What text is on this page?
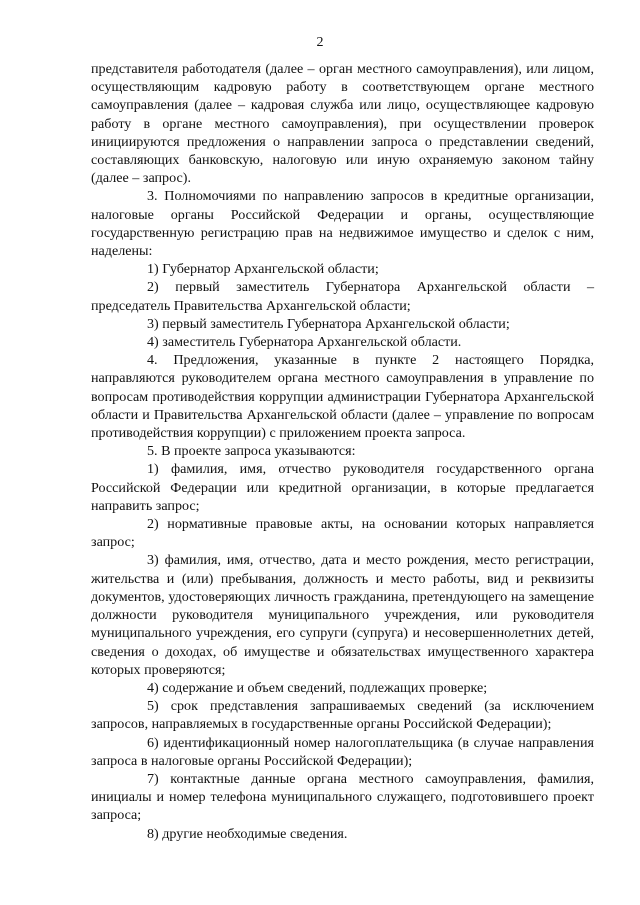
2

представителя работодателя (далее – орган местного самоуправления), или лицом, осуществляющим кадровую работу в соответствующем органе местного самоуправления (далее – кадровая служба или лицо, осуществляющее кадровую работу в органе местного самоуправления), при осуществлении проверок инициируются предложения о направлении запроса о представлении сведений, составляющих банковскую, налоговую или иную охраняемую законом тайну (далее – запрос).

3. Полномочиями по направлению запросов в кредитные организации, налоговые органы Российской Федерации и органы, осуществляющие государственную регистрацию прав на недвижимое имущество и сделок с ним, наделены:

1) Губернатор Архангельской области;

2) первый заместитель Губернатора Архангельской области – председатель Правительства Архангельской области;

3) первый заместитель Губернатора Архангельской области;

4) заместитель Губернатора Архангельской области.

4. Предложения, указанные в пункте 2 настоящего Порядка, направляются руководителем органа местного самоуправления в управление по вопросам противодействия коррупции администрации Губернатора Архангельской области и Правительства Архангельской области (далее – управление по вопросам противодействия коррупции) с приложением проекта запроса.

5. В проекте запроса указываются:

1) фамилия, имя, отчество руководителя государственного органа Российской Федерации или кредитной организации, в которые предлагается направить запрос;

2) нормативные правовые акты, на основании которых направляется запрос;

3) фамилия, имя, отчество, дата и место рождения, место регистрации, жительства и (или) пребывания, должность и место работы, вид и реквизиты документов, удостоверяющих личность гражданина, претендующего на замещение должности руководителя муниципального учреждения, или руководителя муниципального учреждения, его супруги (супруга) и несовершеннолетних детей, сведения о доходах, об имуществе и обязательствах имущественного характера которых проверяются;

4) содержание и объем сведений, подлежащих проверке;

5) срок представления запрашиваемых сведений (за исключением запросов, направляемых в государственные органы Российской Федерации);

6) идентификационный номер налогоплательщика (в случае направления запроса в налоговые органы Российской Федерации);

7) контактные данные органа местного самоуправления, фамилия, инициалы и номер телефона муниципального служащего, подготовившего проект запроса;

8) другие необходимые сведения.
